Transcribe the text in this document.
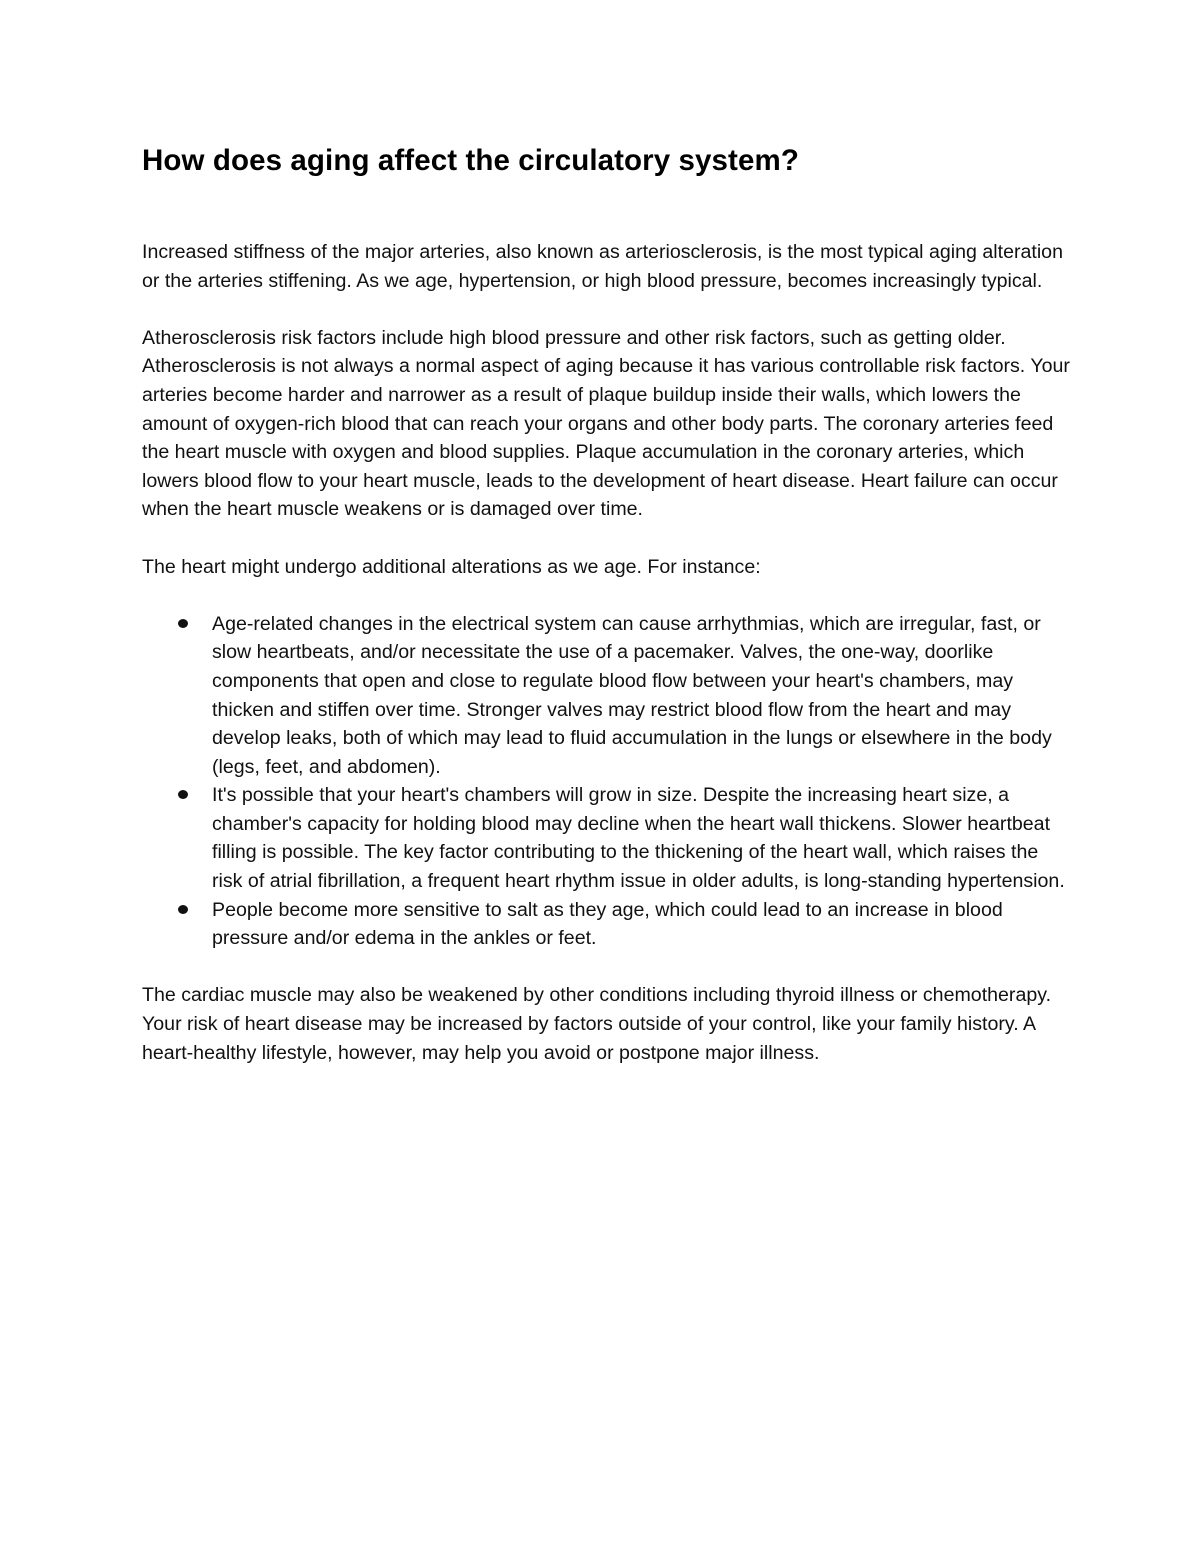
How does aging affect the circulatory system?

Increased stiffness of the major arteries, also known as arteriosclerosis, is the most typical aging alteration or the arteries stiffening. As we age, hypertension, or high blood pressure, becomes increasingly typical.

Atherosclerosis risk factors include high blood pressure and other risk factors, such as getting older. Atherosclerosis is not always a normal aspect of aging because it has various controllable risk factors. Your arteries become harder and narrower as a result of plaque buildup inside their walls, which lowers the amount of oxygen-rich blood that can reach your organs and other body parts. The coronary arteries feed the heart muscle with oxygen and blood supplies. Plaque accumulation in the coronary arteries, which lowers blood flow to your heart muscle, leads to the development of heart disease. Heart failure can occur when the heart muscle weakens or is damaged over time.

The heart might undergo additional alterations as we age. For instance:

Age-related changes in the electrical system can cause arrhythmias, which are irregular, fast, or slow heartbeats, and/or necessitate the use of a pacemaker. Valves, the one-way, doorlike components that open and close to regulate blood flow between your heart's chambers, may thicken and stiffen over time. Stronger valves may restrict blood flow from the heart and may develop leaks, both of which may lead to fluid accumulation in the lungs or elsewhere in the body (legs, feet, and abdomen).
It's possible that your heart's chambers will grow in size. Despite the increasing heart size, a chamber's capacity for holding blood may decline when the heart wall thickens. Slower heartbeat filling is possible. The key factor contributing to the thickening of the heart wall, which raises the risk of atrial fibrillation, a frequent heart rhythm issue in older adults, is long-standing hypertension.
People become more sensitive to salt as they age, which could lead to an increase in blood pressure and/or edema in the ankles or feet.

The cardiac muscle may also be weakened by other conditions including thyroid illness or chemotherapy. Your risk of heart disease may be increased by factors outside of your control, like your family history. A heart-healthy lifestyle, however, may help you avoid or postpone major illness.
